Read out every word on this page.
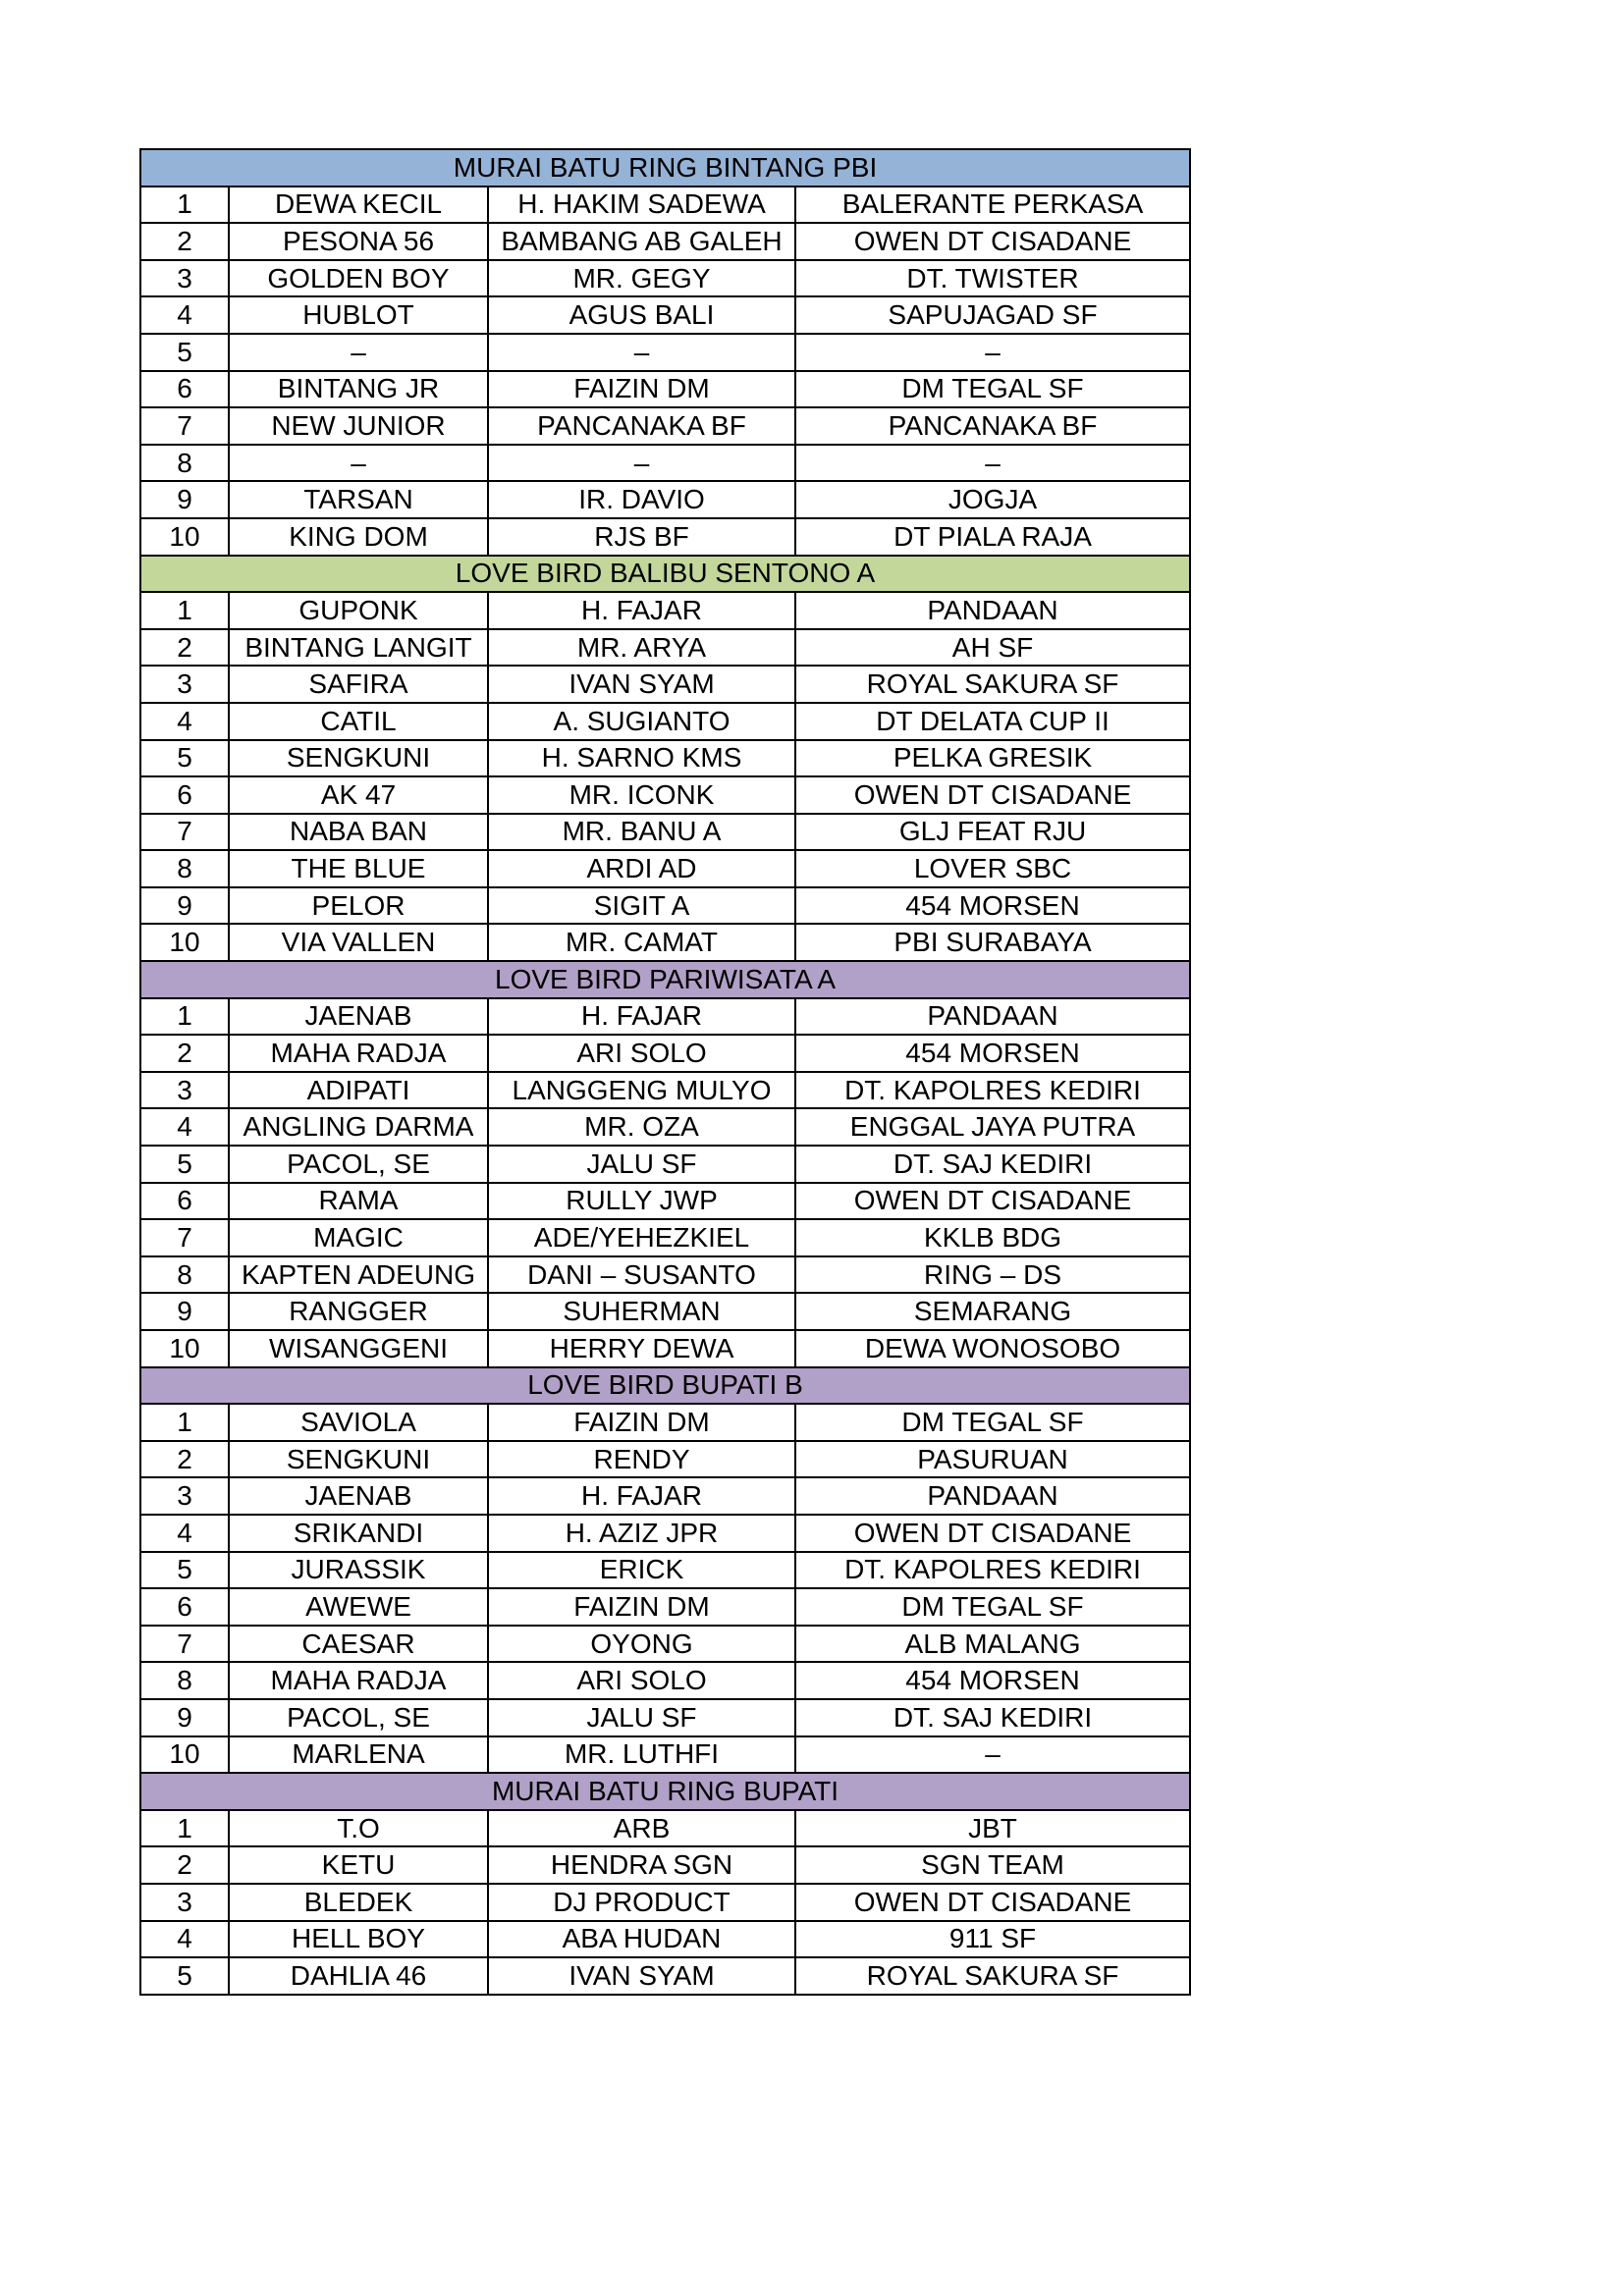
MURAI BATU RING BINTANG PBI			
1	DEWA KECIL	H. HAKIM SADEWA	BALERANTE PERKASA
2	PESONA 56	BAMBANG AB GALEH	OWEN DT CISADANE
3	GOLDEN BOY	MR. GEGY	DT. TWISTER
4	HUBLOT	AGUS BALI	SAPUJAGAD SF
5	–	–	–
6	BINTANG JR	FAIZIN DM	DM TEGAL SF
7	NEW JUNIOR	PANCANAKA BF	PANCANAKA BF
8	–	–	–
9	TARSAN	IR. DAVIO	JOGJA
10	KING DOM	RJS BF	DT PIALA RAJA
LOVE BIRD BALIBU SENTONO A			
1	GUPONK	H. FAJAR	PANDAAN
2	BINTANG LANGIT	MR. ARYA	AH SF
3	SAFIRA	IVAN SYAM	ROYAL SAKURA SF
4	CATIL	A. SUGIANTO	DT DELATA CUP II
5	SENGKUNI	H. SARNO KMS	PELKA GRESIK
6	AK 47	MR. ICONK	OWEN DT CISADANE
7	NABA BAN	MR. BANU A	GLJ FEAT RJU
8	THE BLUE	ARDI AD	LOVER SBC
9	PELOR	SIGIT A	454 MORSEN
10	VIA VALLEN	MR. CAMAT	PBI SURABAYA
LOVE BIRD PARIWISATA A			
1	JAENAB	H. FAJAR	PANDAAN
2	MAHA RADJA	ARI SOLO	454 MORSEN
3	ADIPATI	LANGGENG MULYO	DT. KAPOLRES KEDIRI
4	ANGLING DARMA	MR. OZA	ENGGAL JAYA PUTRA
5	PACOL, SE	JALU SF	DT. SAJ KEDIRI
6	RAMA	RULLY JWP	OWEN DT CISADANE
7	MAGIC	ADE/YEHEZKIEL	KKLB BDG
8	KAPTEN ADEUNG	DANI – SUSANTO	RING – DS
9	RANGGER	SUHERMAN	SEMARANG
10	WISANGGENI	HERRY DEWA	DEWA WONOSOBO
LOVE BIRD BUPATI B			
1	SAVIOLA	FAIZIN DM	DM TEGAL SF
2	SENGKUNI	RENDY	PASURUAN
3	JAENAB	H. FAJAR	PANDAAN
4	SRIKANDI	H. AZIZ JPR	OWEN DT CISADANE
5	JURASSIK	ERICK	DT. KAPOLRES KEDIRI
6	AWEWE	FAIZIN DM	DM TEGAL SF
7	CAESAR	OYONG	ALB MALANG
8	MAHA RADJA	ARI SOLO	454 MORSEN
9	PACOL, SE	JALU SF	DT. SAJ KEDIRI
10	MARLENA	MR. LUTHFI	–
MURAI BATU RING BUPATI			
1	T.O	ARB	JBT
2	KETU	HENDRA SGN	SGN TEAM
3	BLEDEK	DJ PRODUCT	OWEN DT CISADANE
4	HELL BOY	ABA HUDAN	911 SF
5	DAHLIA 46	IVAN SYAM	ROYAL SAKURA SF
